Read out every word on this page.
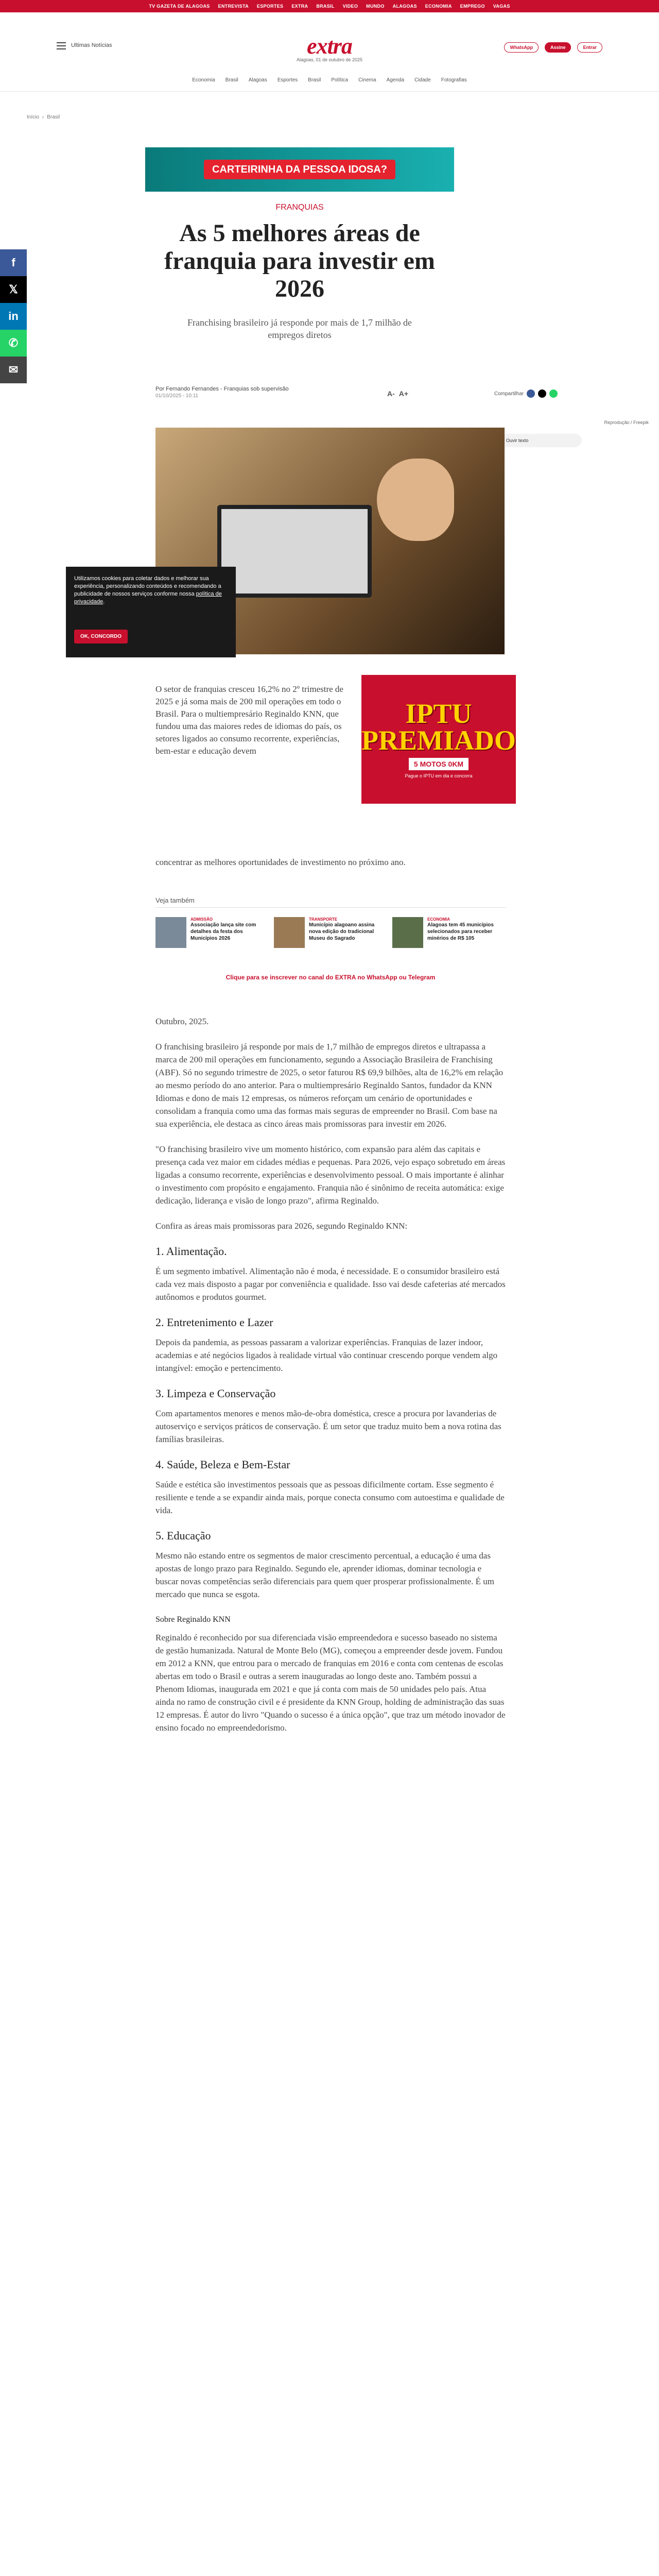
TV GAZETA DE ALAGOAS ENTREVISTA ESPORTES EXTRA BRASIL VIDEO MUNDO ALAGOAS ECONOMIA EMPREGO VAGAS
Ultimas Notícias	extra
Alagoas, 01 de outubro de 2025
WhatsApp	Assine	Entrar
Economia Brasil Alagoas Esportes Brasil Política Cinema Agenda Cidade Fotografias
Início › Brasil
CARTEIRINHA DA PESSOA IDOSA?
f
𝕏
in
✆
✉
FRANQUIAS
As 5 melhores áreas de franquia para investir em 2026
Franchising brasileiro já responde por mais de 1,7 milhão de empregos diretos
Por Fernando Fernandes - Franquias sob supervisão
01/10/2025 - 10:11	A- A+	Compartilhar
Reprodução / Freepik
Ouvir texto
Utilizamos cookies para coletar dados e melhorar sua experiência, personalizando conteúdos e recomendando a publicidade de nossos serviços conforme nossa política de privacidade.
OK, CONCORDO
O setor de franquias cresceu 16,2% no 2º trimestre de 2025 e já soma mais de 200 mil operações em todo o Brasil. Para o multiempresário Reginaldo KNN, que fundou uma das maiores redes de idiomas do país, os setores ligados ao consumo recorrente, experiências, bem-estar e educação devem
IPTU PREMIADO
5 MOTOS 0KM
Pague o IPTU em dia e concorra
concentrar as melhores oportunidades de investimento no próximo ano.
Veja também
ADMISSÃO
Associação lança site com detalhes da festa dos Municípios 2026
TRANSPORTE
Município alagoano assina nova edição do tradicional Museu do Sagrado
ECONOMIA
Alagoas tem 45 municípios selecionados para receber minérios de R$ 105
Clique para se inscrever no canal do EXTRA no WhatsApp ou Telegram

Outubro, 2025.

O franchising brasileiro já responde por mais de 1,7 milhão de empregos diretos e ultrapassa a marca de 200 mil operações em funcionamento, segundo a Associação Brasileira de Franchising (ABF). Só no segundo trimestre de 2025, o setor faturou R$ 69,9 bilhões, alta de 16,2% em relação ao mesmo período do ano anterior. Para o multiempresário Reginaldo Santos, fundador da KNN Idiomas e dono de mais 12 empresas, os números reforçam um cenário de oportunidades e consolidam a franquia como uma das formas mais seguras de empreender no Brasil. Com base na sua experiência, ele destaca as cinco áreas mais promissoras para investir em 2026.

"O franchising brasileiro vive um momento histórico, com expansão para além das capitais e presença cada vez maior em cidades médias e pequenas. Para 2026, vejo espaço sobretudo em áreas ligadas a consumo recorrente, experiências e desenvolvimento pessoal. O mais importante é alinhar o investimento com propósito e engajamento. Franquia não é sinônimo de receita automática: exige dedicação, liderança e visão de longo prazo", afirma Reginaldo.

Confira as áreas mais promissoras para 2026, segundo Reginaldo KNN:

1. Alimentação.

É um segmento imbatível. Alimentação não é moda, é necessidade. E o consumidor brasileiro está cada vez mais disposto a pagar por conveniência e qualidade. Isso vai desde cafeterias até mercados autônomos e produtos gourmet.

2. Entretenimento e Lazer

Depois da pandemia, as pessoas passaram a valorizar experiências. Franquias de lazer indoor, academias e até negócios ligados à realidade virtual vão continuar crescendo porque vendem algo intangível: emoção e pertencimento.

3. Limpeza e Conservação

Com apartamentos menores e menos mão-de-obra doméstica, cresce a procura por lavanderias de autoserviço e serviços práticos de conservação. É um setor que traduz muito bem a nova rotina das famílias brasileiras.

4. Saúde, Beleza e Bem-Estar

Saúde e estética são investimentos pessoais que as pessoas dificilmente cortam. Esse segmento é resiliente e tende a se expandir ainda mais, porque conecta consumo com autoestima e qualidade de vida.

5. Educação

Mesmo não estando entre os segmentos de maior crescimento percentual, a educação é uma das apostas de longo prazo para Reginaldo. Segundo ele, aprender idiomas, dominar tecnologia e buscar novas competências serão diferenciais para quem quer prosperar profissionalmente. É um mercado que nunca se esgota.

Sobre Reginaldo KNN

Reginaldo é reconhecido por sua diferenciada visão empreendedora e sucesso baseado no sistema de gestão humanizada. Natural de Monte Belo (MG), começou a empreender desde jovem. Fundou em 2012 a KNN, que entrou para o mercado de franquias em 2016 e conta com centenas de escolas abertas em todo o Brasil e outras a serem inauguradas ao longo deste ano. Também possui a Phenom Idiomas, inaugurada em 2021 e que já conta com mais de 50 unidades pelo país. Atua ainda no ramo de construção civil e é presidente da KNN Group, holding de administração das suas 12 empresas. É autor do livro "Quando o sucesso é a única opção", que traz um método inovador de ensino focado no empreendedorismo.
